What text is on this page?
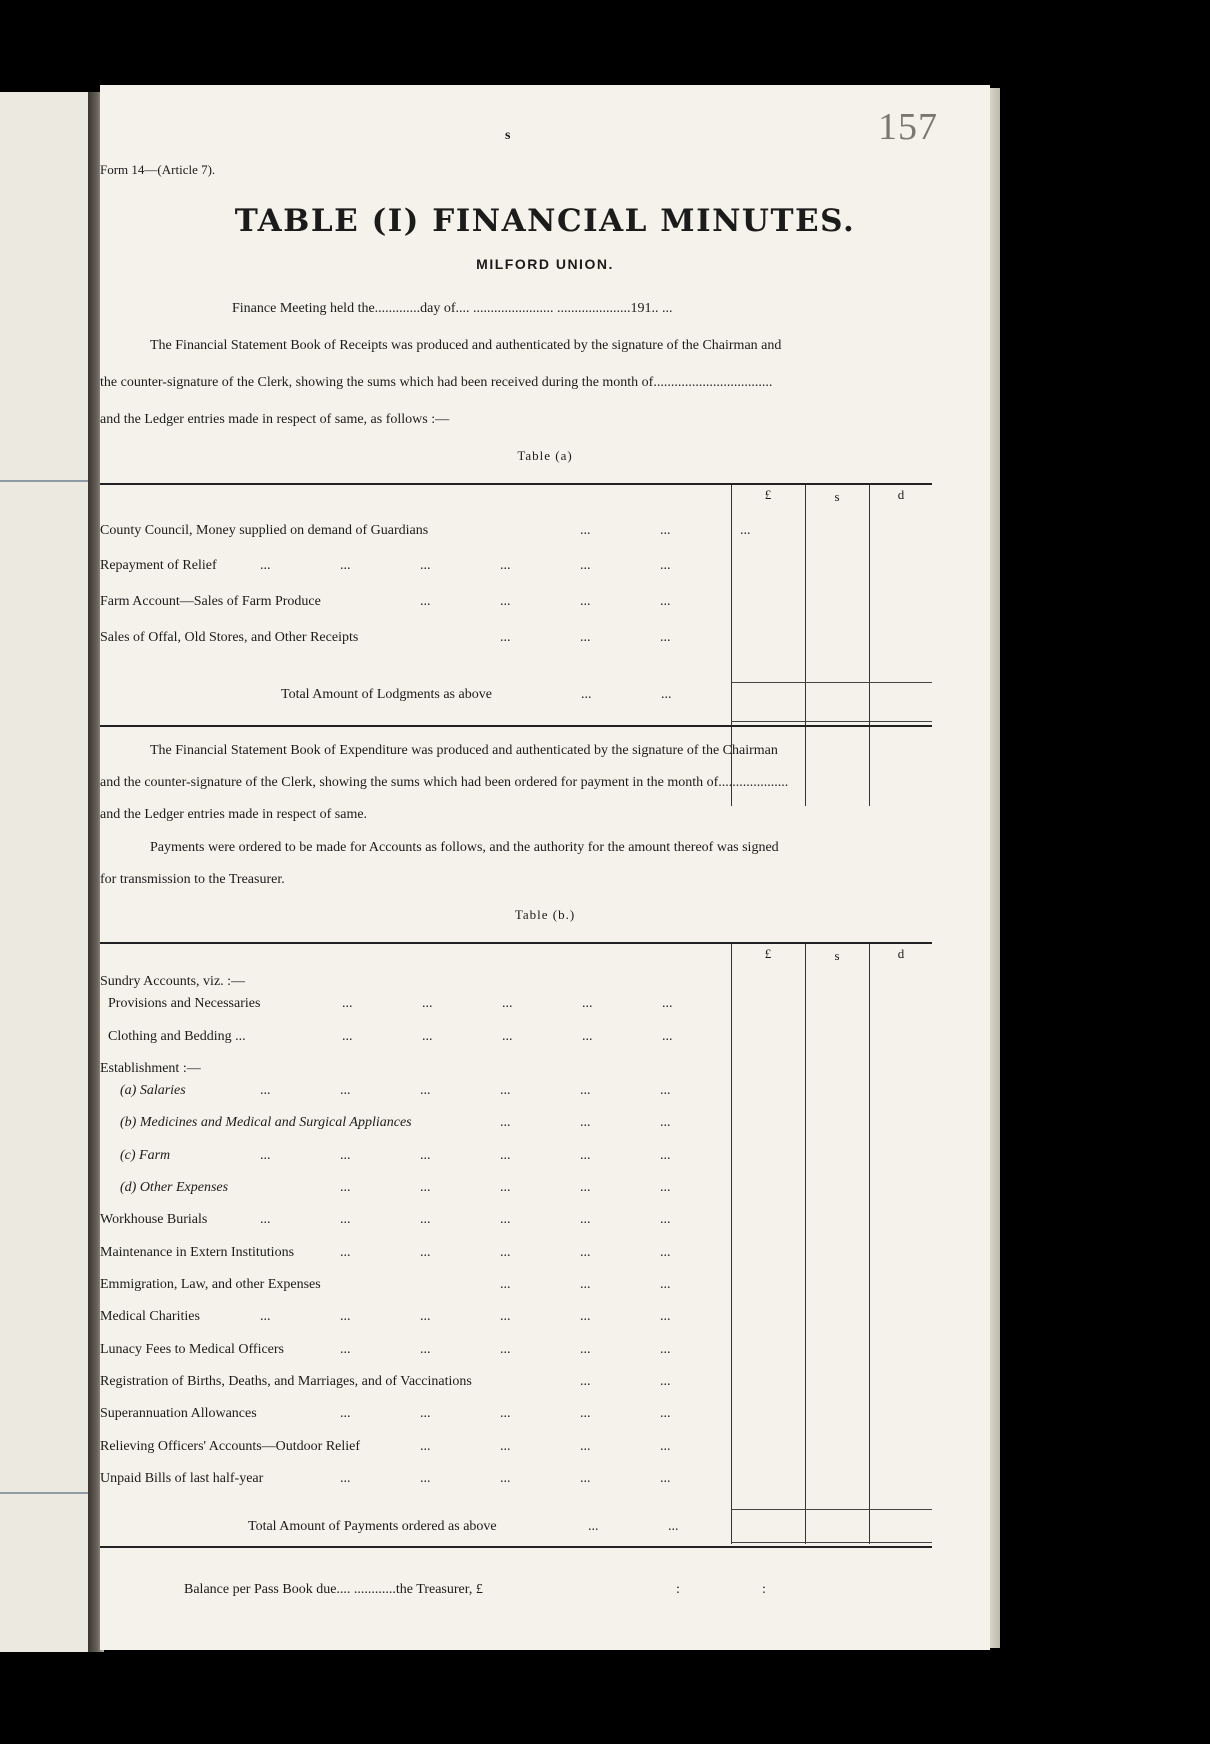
157
s
Form 14—(Article 7).
TABLE (I) FINANCIAL MINUTES.
MILFORD UNION.
Finance Meeting held the.............day of.... ....................... .....................191.. ...
The Financial Statement Book of Receipts was produced and authenticated by the signature of the Chairman and
the counter-signature of the Clerk, showing the sums which had been received during the month of..................................
and the Ledger entries made in respect of same, as follows :—
Table (a)
£	s	d
County Council, Money supplied on demand of Guardians	...	...	...
Repayment of Relief	...	...	...	...	...	...
Farm Account—Sales of Farm Produce	...	...	...	...
Sales of Offal, Old Stores, and Other Receipts	...	...	...
Total Amount of Lodgments as above	...	...
The Financial Statement Book of Expenditure was produced and authenticated by the signature of the Chairman
and the counter-signature of the Clerk, showing the sums which had been ordered for payment in the month of....................
and the Ledger entries made in respect of same.
Payments were ordered to be made for Accounts as follows, and the authority for the amount thereof was signed
for transmission to the Treasurer.
Table (b.)
£	s	d
Sundry Accounts, viz. :—
Provisions and Necessaries	...	...	...	...	...
Clothing and Bedding ...	...	...	...	...	...
Establishment :—
(a) Salaries	...	...	...	...	...	...
(b) Medicines and Medical and Surgical Appliances	...	...	...
(c) Farm	...	...	...	...	...	...
(d) Other Expenses	...	...	...	...	...
Workhouse Burials	...	...	...	...	...	...
Maintenance in Extern Institutions	...	...	...	...	...
Emmigration, Law, and other Expenses	...	...	...
Medical Charities	...	...	...	...	...	...
Lunacy Fees to Medical Officers	...	...	...	...	...
Registration of Births, Deaths, and Marriages, and of Vaccinations	...	...
Superannuation Allowances	...	...	...	...	...
Relieving Officers' Accounts—Outdoor Relief	...	...	...	...
Unpaid Bills of last half-year	...	...	...	...	...
Total Amount of Payments ordered as above	...	...
Balance per Pass Book due.... ............the Treasurer, £	:	:
